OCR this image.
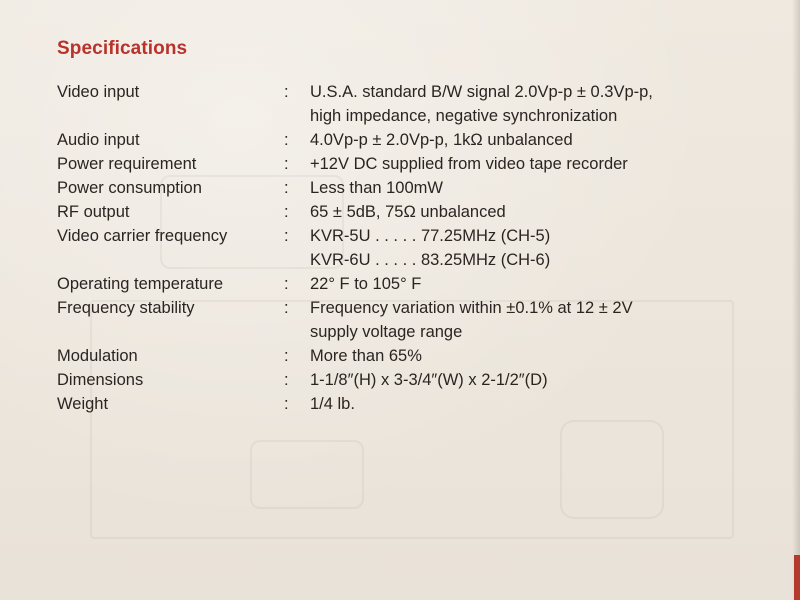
Specifications
Video input	: U.S.A. standard B/W signal 2.0Vp-p ± 0.3Vp-p,
high impedance, negative synchronization
Audio input	: 4.0Vp-p ± 2.0Vp-p, 1kΩ unbalanced
Power requirement	: +12V DC supplied from video tape recorder
Power consumption	: Less than 100mW
RF output	: 65 ± 5dB, 75Ω unbalanced
Video carrier frequency	: KVR-5U . . . . . 77.25MHz (CH-5)
KVR-6U . . . . . 83.25MHz (CH-6)
Operating temperature	: 22° F to 105° F
Frequency stability	: Frequency variation within ±0.1% at 12 ± 2V
supply voltage range
Modulation	: More than 65%
Dimensions	: 1-1/8″(H) x 3-3/4″(W) x 2-1/2″(D)
Weight	: 1/4 lb.
